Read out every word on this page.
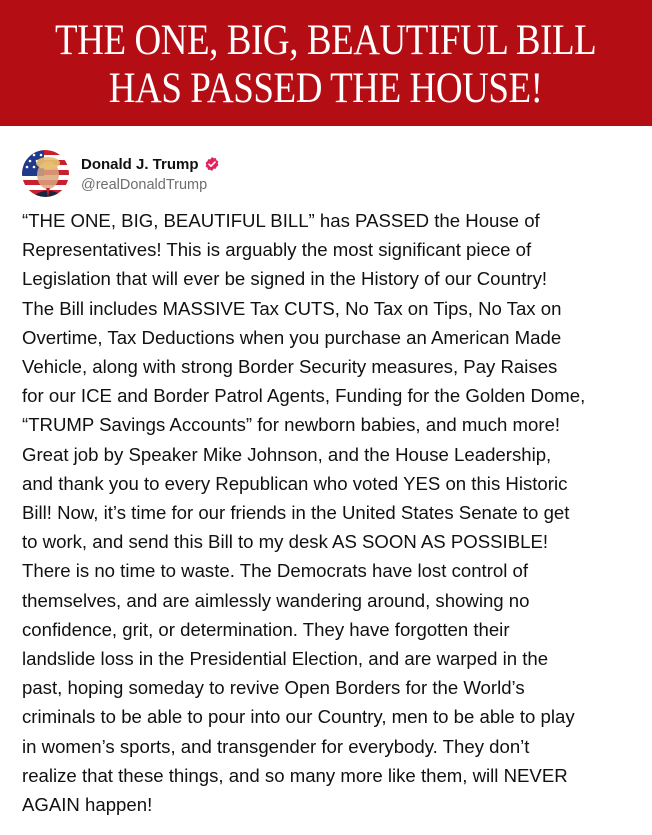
THE ONE, BIG, BEAUTIFUL BILL
HAS PASSED THE HOUSE!
Donald J. Trump
@realDonaldTrump
“THE ONE, BIG, BEAUTIFUL BILL” has PASSED the House of
Representatives! This is arguably the most significant piece of
Legislation that will ever be signed in the History of our Country!
The Bill includes MASSIVE Tax CUTS, No Tax on Tips, No Tax on
Overtime, Tax Deductions when you purchase an American Made
Vehicle, along with strong Border Security measures, Pay Raises
for our ICE and Border Patrol Agents, Funding for the Golden Dome,
“TRUMP Savings Accounts” for newborn babies, and much more!
Great job by Speaker Mike Johnson, and the House Leadership,
and thank you to every Republican who voted YES on this Historic
Bill! Now, it’s time for our friends in the United States Senate to get
to work, and send this Bill to my desk AS SOON AS POSSIBLE!
There is no time to waste. The Democrats have lost control of
themselves, and are aimlessly wandering around, showing no
confidence, grit, or determination. They have forgotten their
landslide loss in the Presidential Election, and are warped in the
past, hoping someday to revive Open Borders for the World’s
criminals to be able to pour into our Country, men to be able to play
in women’s sports, and transgender for everybody. They don’t
realize that these things, and so many more like them, will NEVER
AGAIN happen!
